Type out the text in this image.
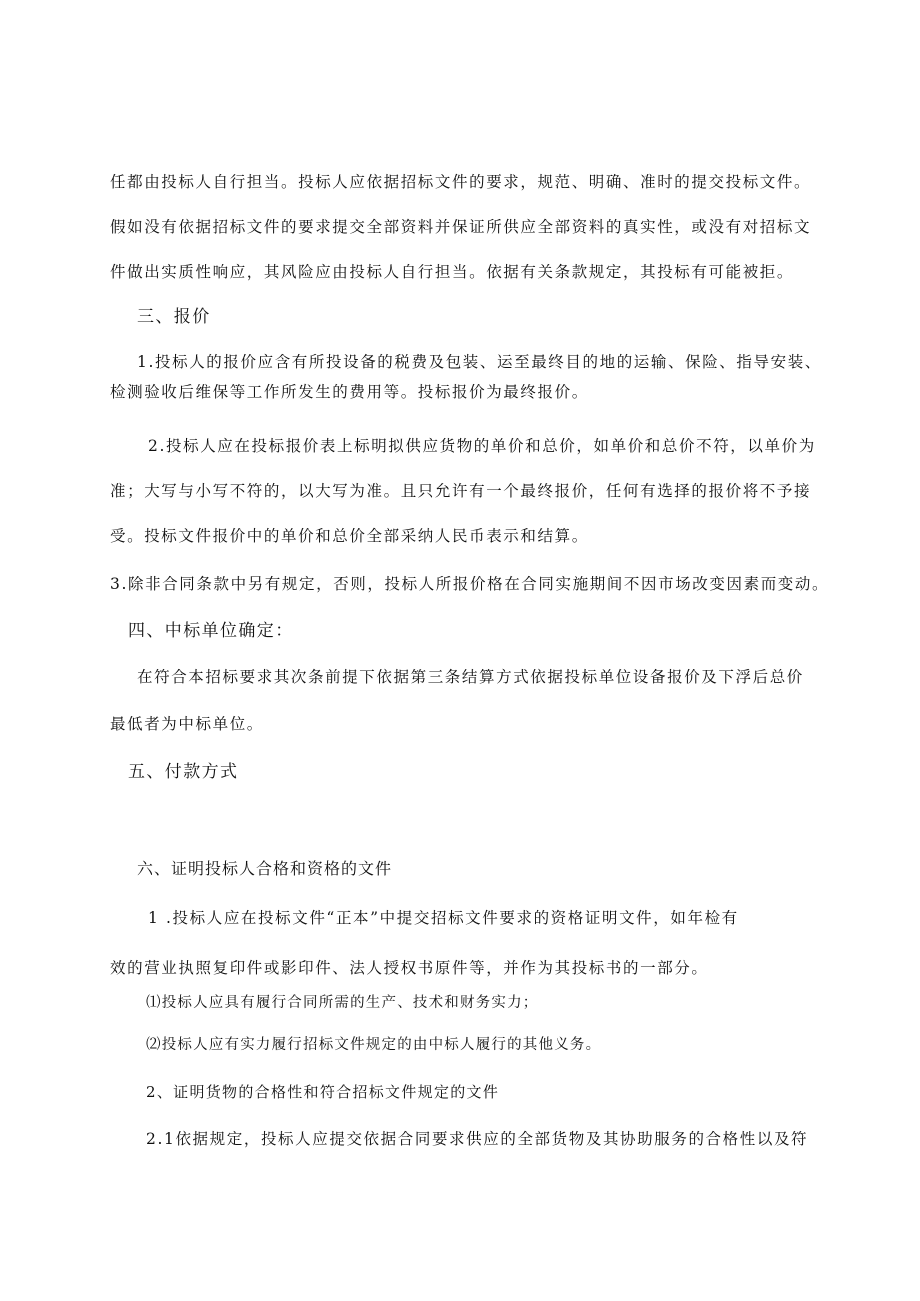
任都由投标人自行担当。投标人应依据招标文件的要求，规范、明确、准时的提交投标文件。
假如没有依据招标文件的要求提交全部资料并保证所供应全部资料的真实性，或没有对招标文
件做出实质性响应，其风险应由投标人自行担当。依据有关条款规定，其投标有可能被拒。
三、报价
1.投标人的报价应含有所投设备的税费及包装、运至最终目的地的运输、保险、指导安装、
检测验收后维保等工作所发生的费用等。投标报价为最终报价。
2.投标人应在投标报价表上标明拟供应货物的单价和总价，如单价和总价不符，以单价为
准；大写与小写不符的，以大写为准。且只允许有一个最终报价，任何有选择的报价将不予接
受。投标文件报价中的单价和总价全部采纳人民币表示和结算。
3.除非合同条款中另有规定，否则，投标人所报价格在合同实施期间不因市场改变因素而变动。
四、中标单位确定：
在符合本招标要求其次条前提下依据第三条结算方式依据投标单位设备报价及下浮后总价
最低者为中标单位。
五、付款方式
六、证明投标人合格和资格的文件
1 .投标人应在投标文件“正本”中提交招标文件要求的资格证明文件，如年检有
效的营业执照复印件或影印件、法人授权书原件等，并作为其投标书的一部分。
⑴投标人应具有履行合同所需的生产、技术和财务实力；
⑵投标人应有实力履行招标文件规定的由中标人履行的其他义务。
2、证明货物的合格性和符合招标文件规定的文件
2.1依据规定，投标人应提交依据合同要求供应的全部货物及其协助服务的合格性以及符
